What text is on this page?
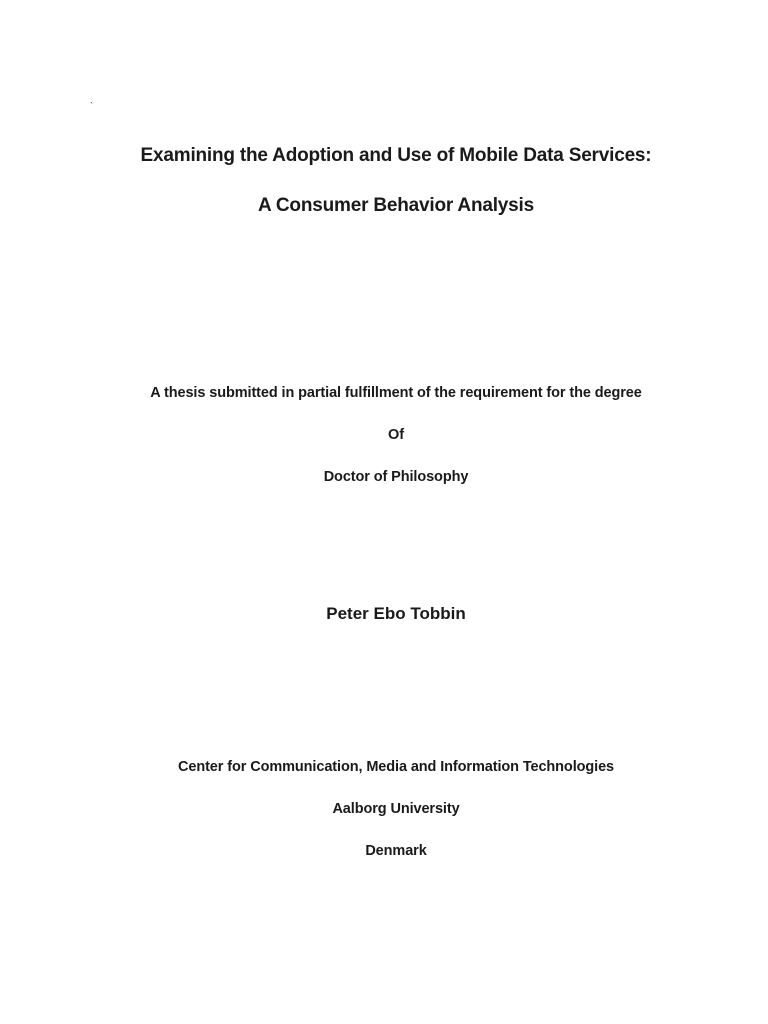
`
Examining the Adoption and Use of Mobile Data Services:
A Consumer Behavior Analysis
A thesis submitted in partial fulfillment of the requirement for the degree
Of
Doctor of Philosophy
Peter Ebo Tobbin
Center for Communication, Media and Information Technologies
Aalborg University
Denmark
